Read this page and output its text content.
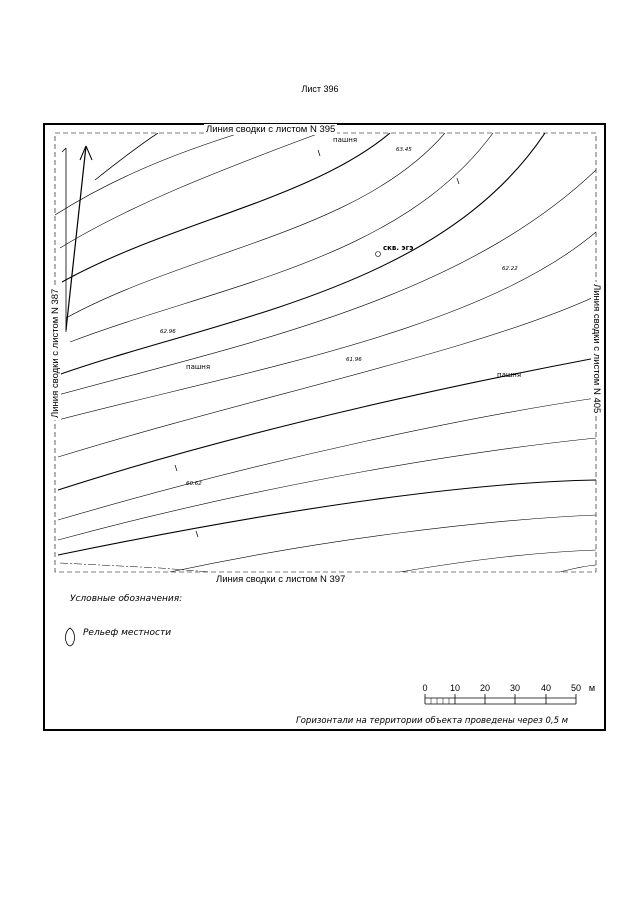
Лист 396
Линия сводки с листом N 395
Линия сводки с листом N 397
Линия сводки с листом N 387	Линия сводки с листом N 405
пашня
пашня
пашня
63.45
62.22
62.96
61.96
60.62
скв. эгэ
Условные обозначения:
Рельеф местности
0 10 20 30 40 50 м
Горизонтали на территории объекта проведены через 0,5 м
